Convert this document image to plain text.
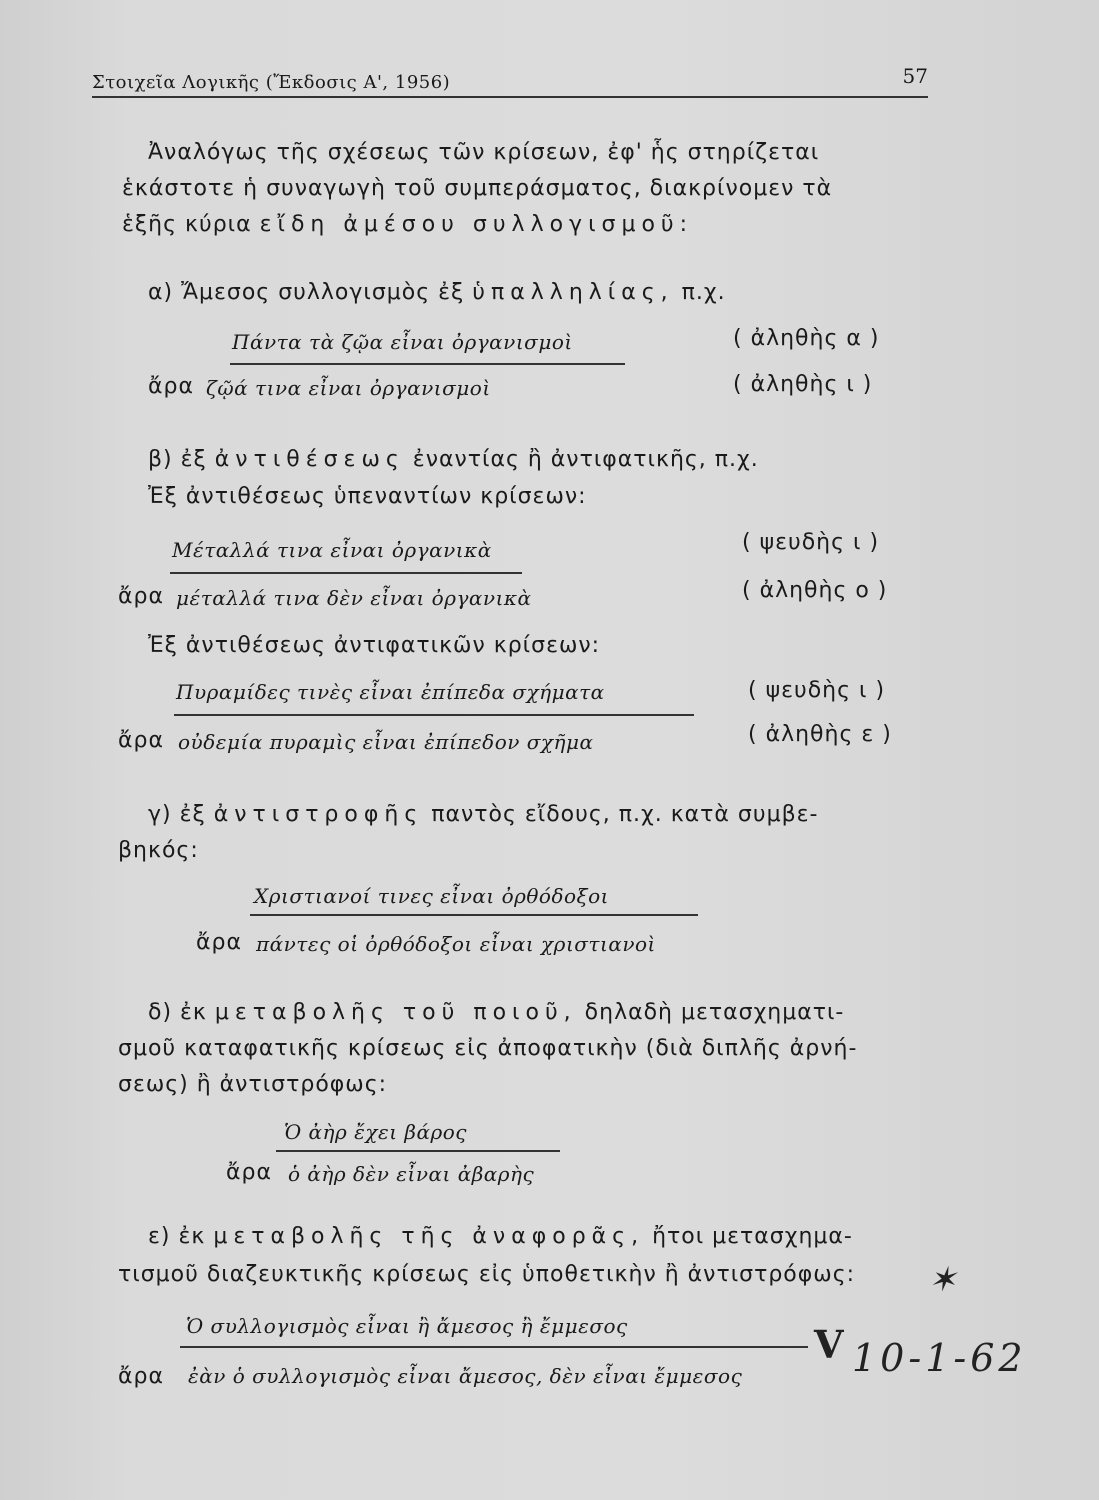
Στοιχεῖα Λογικῆς (Ἔκδοσις Α', 1956)	57
Ἀναλόγως τῆς σχέσεως τῶν κρίσεων, ἐφ' ἧς στηρίζεται
ἑκάστοτε ἡ συναγωγὴ τοῦ συμπεράσματος, διακρίνομεν τὰ
ἑξῆς κύρια εἴδη ἀμέσου συλλογισμοῦ:
α) Ἄμεσος συλλογισμὸς ἐξ ὑπαλληλίας, π.χ.
Πάντα τὰ ζῷα εἶναι ὀργανισμοὶ	( ἀληθὴς α )
ἄρα ζῷά τινα εἶναι ὀργανισμοὶ	( ἀληθὴς ι )
β) ἐξ ἀντιθέσεως ἐναντίας ἢ ἀντιφατικῆς, π.χ.
Ἐξ ἀντιθέσεως ὑπεναντίων κρίσεων:
Μέταλλά τινα εἶναι ὀργανικὰ	( ψευδὴς ι )
ἄρα μέταλλά τινα δὲν εἶναι ὀργανικὰ	( ἀληθὴς ο )
Ἐξ ἀντιθέσεως ἀντιφατικῶν κρίσεων:
Πυραμίδες τινὲς εἶναι ἐπίπεδα σχήματα	( ψευδὴς ι )
ἄρα οὐδεμία πυραμὶς εἶναι ἐπίπεδον σχῆμα	( ἀληθὴς ε )
γ) ἐξ ἀντιστροφῆς παντὸς εἴδους, π.χ. κατὰ συμβε-
βηκός:
Χριστιανοί τινες εἶναι ὀρθόδοξοι
ἄρα πάντες οἱ ὀρθόδοξοι εἶναι χριστιανοὶ
δ) ἐκ μεταβολῆς τοῦ ποιοῦ, δηλαδὴ μετασχηματι-
σμοῦ καταφατικῆς κρίσεως εἰς ἀποφατικὴν (διὰ διπλῆς ἀρνή-
σεως) ἢ ἀντιστρόφως:
Ὁ ἀὴρ ἔχει βάρος
ἄρα ὁ ἀὴρ δὲν εἶναι ἀβαρὴς
ε) ἐκ μεταβολῆς τῆς ἀναφορᾶς, ἤτοι μετασχημα-
τισμοῦ διαζευκτικῆς κρίσεως εἰς ὑποθετικὴν ἢ ἀντιστρόφως:
Ὁ συλλογισμὸς εἶναι ἢ ἄμεσος ἢ ἔμμεσος
ἄρα ἐὰν ὁ συλλογισμὸς εἶναι ἄμεσος, δὲν εἶναι ἔμμεσος
✶
V 10-1-62
